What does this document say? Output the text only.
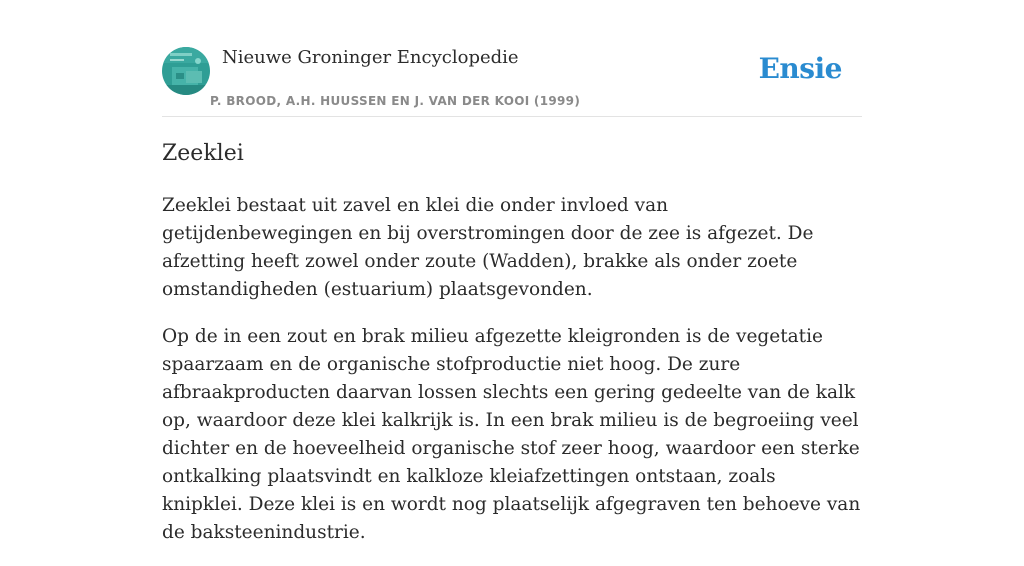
Nieuwe Groninger Encyclopedie
P. BROOD, A.H. HUUSSEN EN J. VAN DER KOOI (1999)
Ensie
Zeeklei

Zeeklei bestaat uit zavel en klei die onder invloed van getijdenbewegingen en bij overstromingen door de zee is afgezet. De afzetting heeft zowel onder zoute (Wadden), brakke als onder zoete omstandigheden (estuarium) plaatsgevonden.

Op de in een zout en brak milieu afgezette kleigronden is de vegetatie spaarzaam en de organische stofproductie niet hoog. De zure afbraakproducten daarvan lossen slechts een gering gedeelte van de kalk op, waardoor deze klei kalkrijk is. In een brak milieu is de begroeiing veel dichter en de hoeveelheid organische stof zeer hoog, waardoor een sterke ontkalking plaatsvindt en kalkloze kleiafzettingen ontstaan, zoals knipklei. Deze klei is en wordt nog plaatselijk afgegraven ten behoeve van de baksteenindustrie.
